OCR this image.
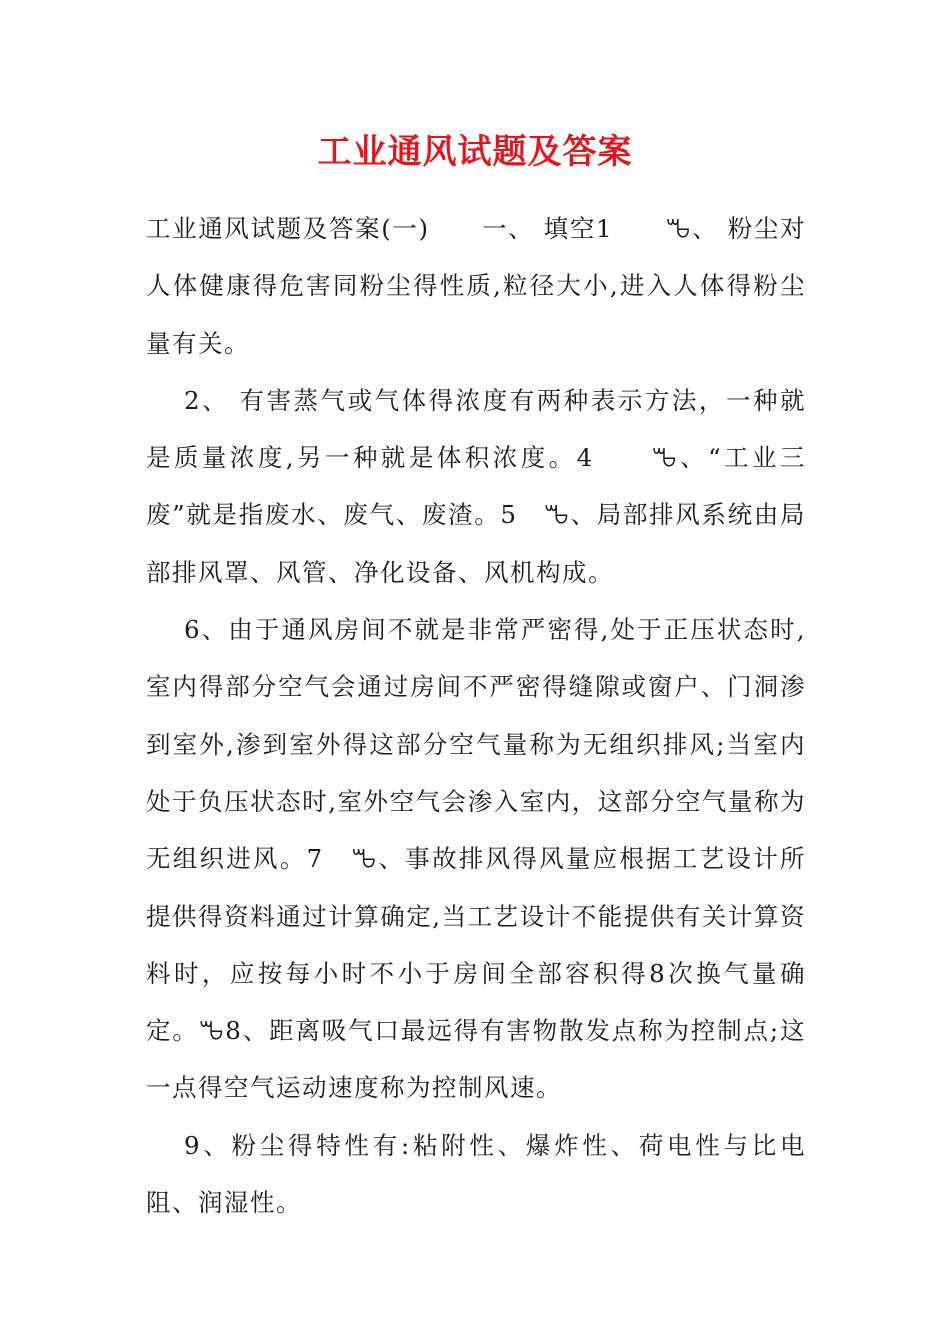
工业通风试题及答案

工业通风试题及答案(一)　　一、 填空1　　ꘛ、 粉尘对人体健康得危害同粉尘得性质,粒径大小,进入人体得粉尘量有关。

2、 有害蒸气或气体得浓度有两种表示方法，一种就是质量浓度,另一种就是体积浓度。4　　ꘛ、“工业三废”就是指废水、废气、废渣。5　ꘛ、局部排风系统由局部排风罩、风管、净化设备、风机构成。

6、由于通风房间不就是非常严密得,处于正压状态时,室内得部分空气会通过房间不严密得缝隙或窗户、门洞渗到室外,渗到室外得这部分空气量称为无组织排风;当室内处于负压状态时,室外空气会渗入室内，这部分空气量称为无组织进风。7　ꘛ、事故排风得风量应根据工艺设计所提供得资料通过计算确定,当工艺设计不能提供有关计算资料时，应按每小时不小于房间全部容积得8次换气量确定。ꘛ8、距离吸气口最远得有害物散发点称为控制点;这一点得空气运动速度称为控制风速。

9、粉尘得特性有:粘附性、爆炸性、荷电性与比电阻、润湿性。
